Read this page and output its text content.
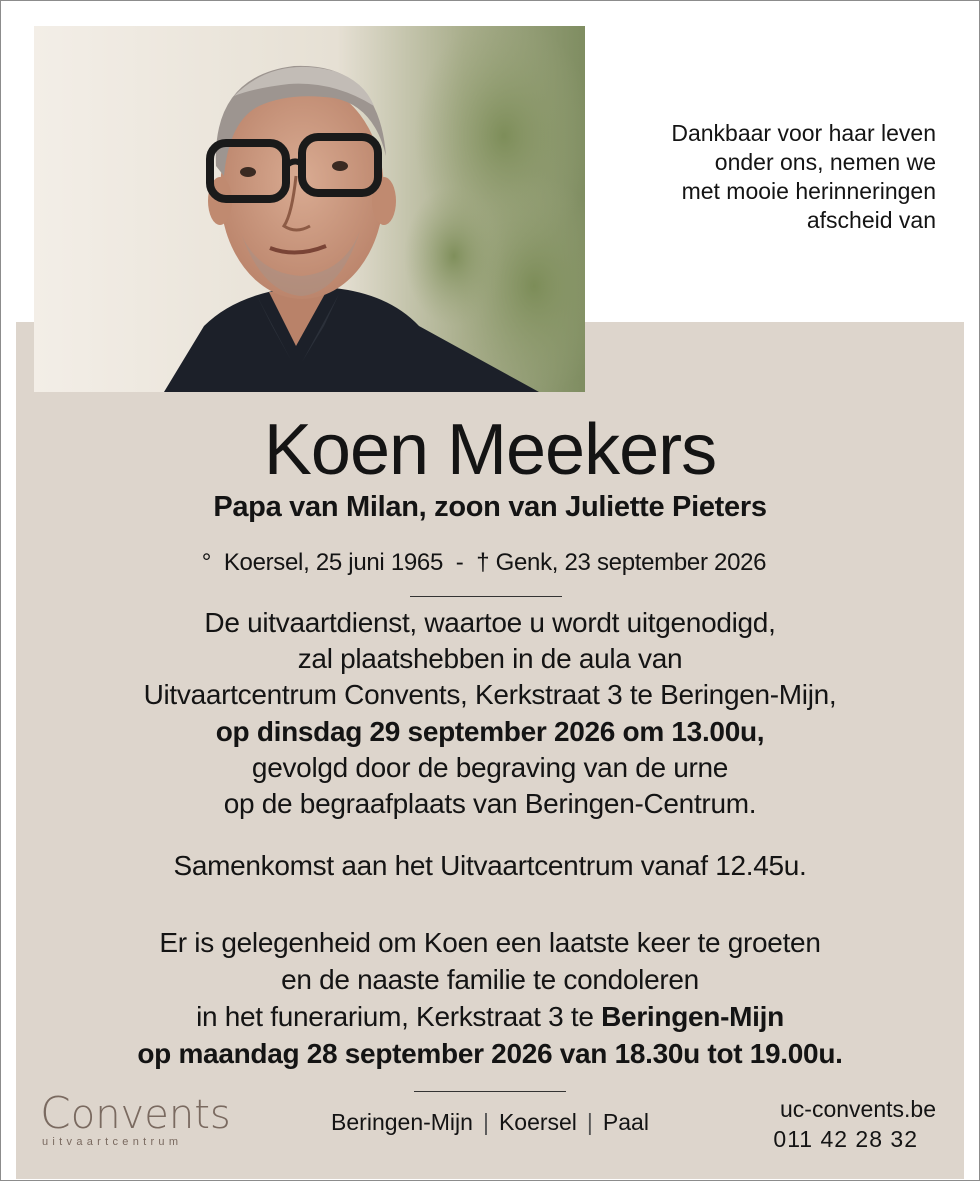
Dankbaar voor haar leven
onder ons, nemen we
met mooie herinneringen
afscheid van
Koen Meekers
Papa van Milan, zoon van Juliette Pieters
°  Koersel, 25 juni 1965  -  † Genk, 23 september 2026
De uitvaartdienst, waartoe u wordt uitgenodigd,
zal plaatshebben in de aula van
Uitvaartcentrum Convents, Kerkstraat 3 te Beringen-Mijn,
op dinsdag 29 september 2026 om 13.00u,
gevolgd door de begraving van de urne
op de begraafplaats van Beringen-Centrum.
Samenkomst aan het Uitvaartcentrum vanaf 12.45u.
Er is gelegenheid om Koen een laatste keer te groeten
en de naaste familie te condoleren
in het funerarium, Kerkstraat 3 te Beringen-Mijn
op maandag 28 september 2026 van 18.30u tot 19.00u.
Convents
uitvaartcentrum
Beringen-Mijn | Koersel | Paal	uc-convents.be
011 42 28 32
